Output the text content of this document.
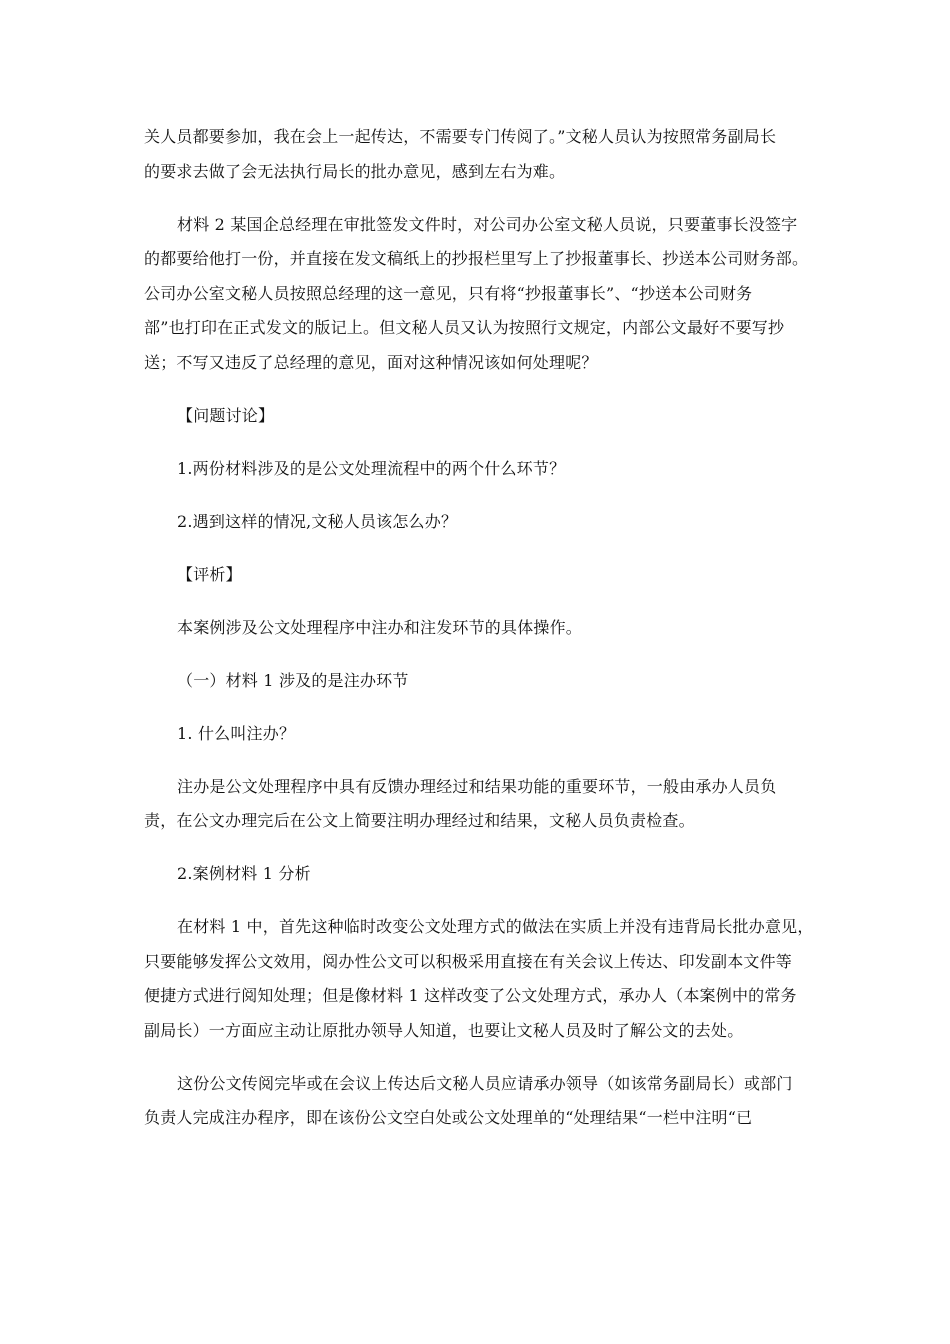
关人员都要参加，我在会上一起传达，不需要专门传阅了。”文秘人员认为按照常务副局长
的要求去做了会无法执行局长的批办意见，感到左右为难。
材料 2 某国企总经理在审批签发文件时，对公司办公室文秘人员说，只要董事长没签字
的都要给他打一份，并直接在发文稿纸上的抄报栏里写上了抄报董事长、抄送本公司财务部。
公司办公室文秘人员按照总经理的这一意见，只有将“抄报董事长”、“抄送本公司财务
部”也打印在正式发文的版记上。但文秘人员又认为按照行文规定，内部公文最好不要写抄
送；不写又违反了总经理的意见，面对这种情况该如何处理呢？
【问题讨论】
1.两份材料涉及的是公文处理流程中的两个什么环节？
2.遇到这样的情况,文秘人员该怎么办？
【评析】
本案例涉及公文处理程序中注办和注发环节的具体操作。
（一）材料 1 涉及的是注办环节
1. 什么叫注办？
注办是公文处理程序中具有反馈办理经过和结果功能的重要环节，一般由承办人员负
责，在公文办理完后在公文上简要注明办理经过和结果，文秘人员负责检查。
2.案例材料 1 分析
在材料 1 中，首先这种临时改变公文处理方式的做法在实质上并没有违背局长批办意见，
只要能够发挥公文效用，阅办性公文可以积极采用直接在有关会议上传达、印发副本文件等
便捷方式进行阅知处理；但是像材料 1 这样改变了公文处理方式，承办人（本案例中的常务
副局长）一方面应主动让原批办领导人知道，也要让文秘人员及时了解公文的去处。
这份公文传阅完毕或在会议上传达后文秘人员应请承办领导（如该常务副局长）或部门
负责人完成注办程序，即在该份公文空白处或公文处理单的“处理结果“一栏中注明“已
